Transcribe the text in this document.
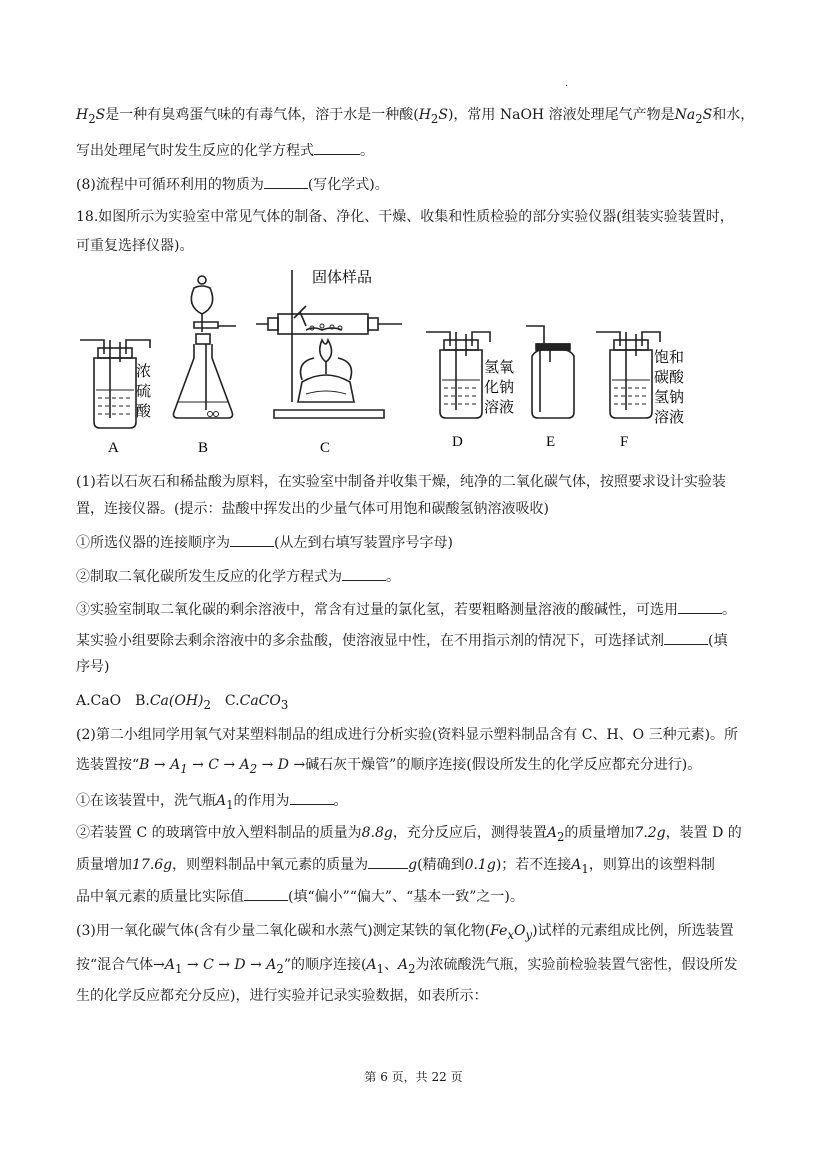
.
$H_2S$是一种有臭鸡蛋气味的有毒气体，溶于水是一种酸$(H_2S)$，常用 NaOH 溶液处理尾气产物是$Na_2S$和水，
写出处理尾气时发生反应的化学方程式	。
(8)流程中可循环利用的物质为	(写化学式)。
18.如图所示为实验室中常见气体的制备、净化、干燥、收集和性质检验的部分实验仪器(组装实验装置时，
可重复选择仪器)。
A	B	C	D	E	F
浓
硫
酸
固体样品
氢氧
化钠
溶液
饱和
碳酸
氢钠
溶液
(1)若以石灰石和稀盐酸为原料，在实验室中制备并收集干燥，纯净的二氧化碳气体，按照要求设计实验装
置，连接仪器。(提示：盐酸中挥发出的少量气体可用饱和碳酸氢钠溶液吸收)
①所选仪器的连接顺序为	(从左到右填写装置序号字母)
②制取二氧化碳所发生反应的化学方程式为	。
③实验室制取二氧化碳的剩余溶液中，常含有过量的氯化氢，若要粗略测量溶液的酸碱性，可选用	。
某实验小组要除去剩余溶液中的多余盐酸，使溶液显中性，在不用指示剂的情况下，可选择试剂	(填
序号)
A.CaO　$B.Ca(OH)_2$　C.CaCO$_3$
(2)第二小组同学用氧气对某塑料制品的组成进行分析实验(资料显示塑料制品含有 C、H、O 三种元素)。所
选装置按“$B \to A_1 \to C \to A_2 \to D$ →碱石灰干燥管”的顺序连接(假设所发生的化学反应都充分进行)。
①在该装置中，洗气瓶$A_1$的作用为	。
②若装置 C 的玻璃管中放入塑料制品的质量为8.8g，充分反应后，测得装置$A_2$的质量增加7.2g，装置 D 的
质量增加17.6g，则塑料制品中氧元素的质量为	g(精确到0.1g)；若不连接$A_1$，则算出的该塑料制
品中氧元素的质量比实际值	(填“偏小”“偏大”、“基本一致”之一)。
(3)用一氧化碳气体(含有少量二氧化碳和水蒸气)测定某铁的氧化物$(Fe_xO_y)$试样的元素组成比例，所选装置
按“混合气体$\to A_1 \to C \to D \to A_2$”的顺序连接($A_1$、$A_2$为浓硫酸洗气瓶，实验前检验装置气密性，假设所发
生的化学反应都充分反应)，进行实验并记录实验数据，如表所示：
第 6 页，共 22 页
